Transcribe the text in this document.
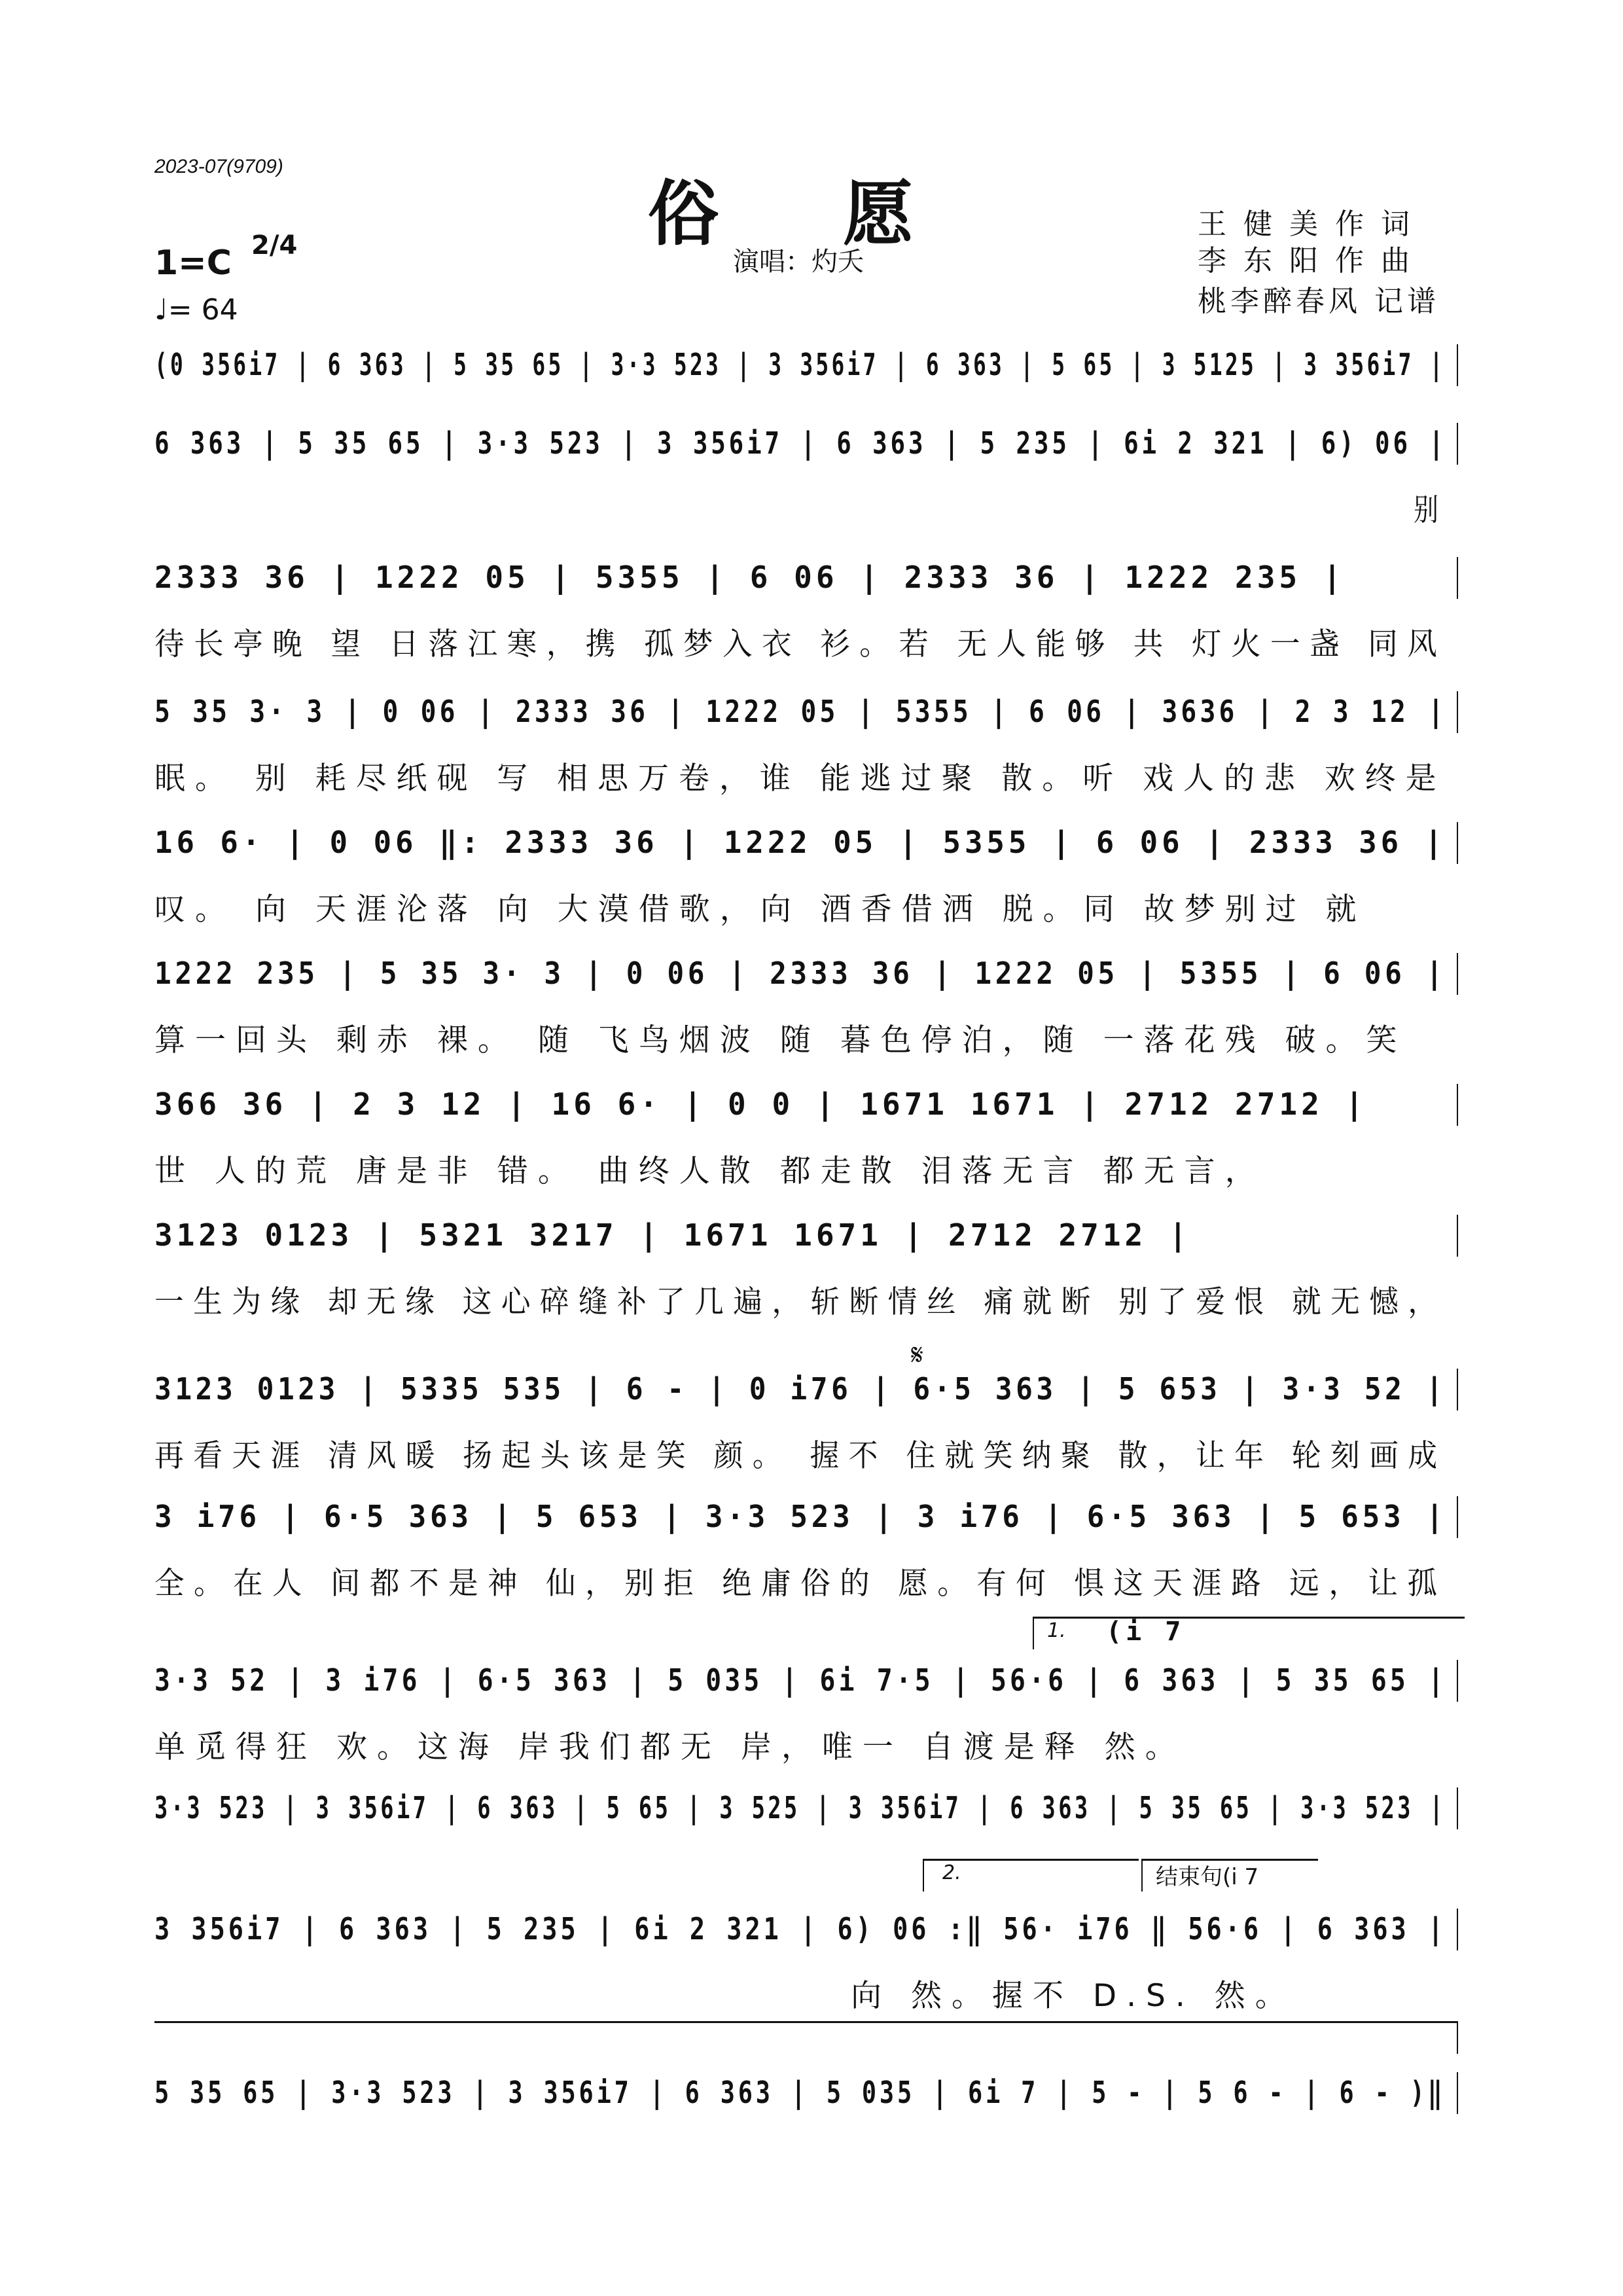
2023-07(9709)
俗愿
演唱：灼夭
王健美作词
李东阳作曲
桃李醉春风 记谱
1=C 2/4
♩= 64
(0 356i7 | 6 363 | 5 35 65 | 3·3 523 | 3 356i7 | 6 363 | 5 65 | 3 5125 | 3 356i7 |
6 363 | 5 35 65 | 3·3 523 | 3 356i7 | 6 363 | 5 235 | 6i 2 321 | 6) 06 |
别
2333 36 | 1222 05 | 5355 | 6 06 | 2333 36 | 1222 235 |
待长亭晚 望 日落江寒，携 孤梦入衣 衫。若 无人能够 共 灯火一盏 同风
5 35 3· 3 | 0 06 | 2333 36 | 1222 05 | 5355 | 6 06 | 3636 | 2 3 12 |
眠。 别 耗尽纸砚 写 相思万卷，谁 能逃过聚 散。听 戏人的悲 欢终是
16 6· | 0 06 ‖: 2333 36 | 1222 05 | 5355 | 6 06 | 2333 36 |
叹。 向 天涯沦落 向 大漠借歌，向 酒香借洒 脱。同 故梦别过 就
1222 235 | 5 35 3· 3 | 0 06 | 2333 36 | 1222 05 | 5355 | 6 06 |
算一回头 剩赤 裸。 随 飞鸟烟波 随 暮色停泊，随 一落花残 破。笑
366 36 | 2 3 12 | 16 6· | 0 0 | 1671 1671 | 2712 2712 |
世 人的荒 唐是非 错。 曲终人散 都走散 泪落无言 都无言，
3123 0123 | 5321 3217 | 1671 1671 | 2712 2712 |
一生为缘 却无缘 这心碎缝补了几遍，斩断情丝 痛就断 别了爱恨 就无憾，
3123 0123 | 5335 535 | 6 - | 0 i76 | 6·5 363 | 5 653 | 3·3 52 |
再看天涯 清风暖 扬起头该是笑 颜。 握不 住就笑纳聚 散，让年 轮刻画成
3 i76 | 6·5 363 | 5 653 | 3·3 523 | 3 i76 | 6·5 363 | 5 653 |
全。在人 间都不是神 仙，别拒 绝庸俗的 愿。有何 惧这天涯路 远，让孤
3·3 52 | 3 i76 | 6·5 363 | 5 035 | 6i 7·5 | 56·6 | 6 363 | 5 35 65 |
单觅得狂 欢。这海 岸我们都无 岸，唯一 自渡是释 然。
3·3 523 | 3 356i7 | 6 363 | 5 65 | 3 525 | 3 356i7 | 6 363 | 5 35 65 | 3·3 523 |
3 356i7 | 6 363 | 5 235 | 6i 2 321 | 6) 06 :‖ 56· i76 ‖ 56·6 | 6 363 |
向 然。握不 D.S. 然。
5 35 65 | 3·3 523 | 3 356i7 | 6 363 | 5 035 | 6i 7 | 5 - | 5 6 - | 6 - )‖
𝄋
1. (i 7
2.	结束句(i 7
